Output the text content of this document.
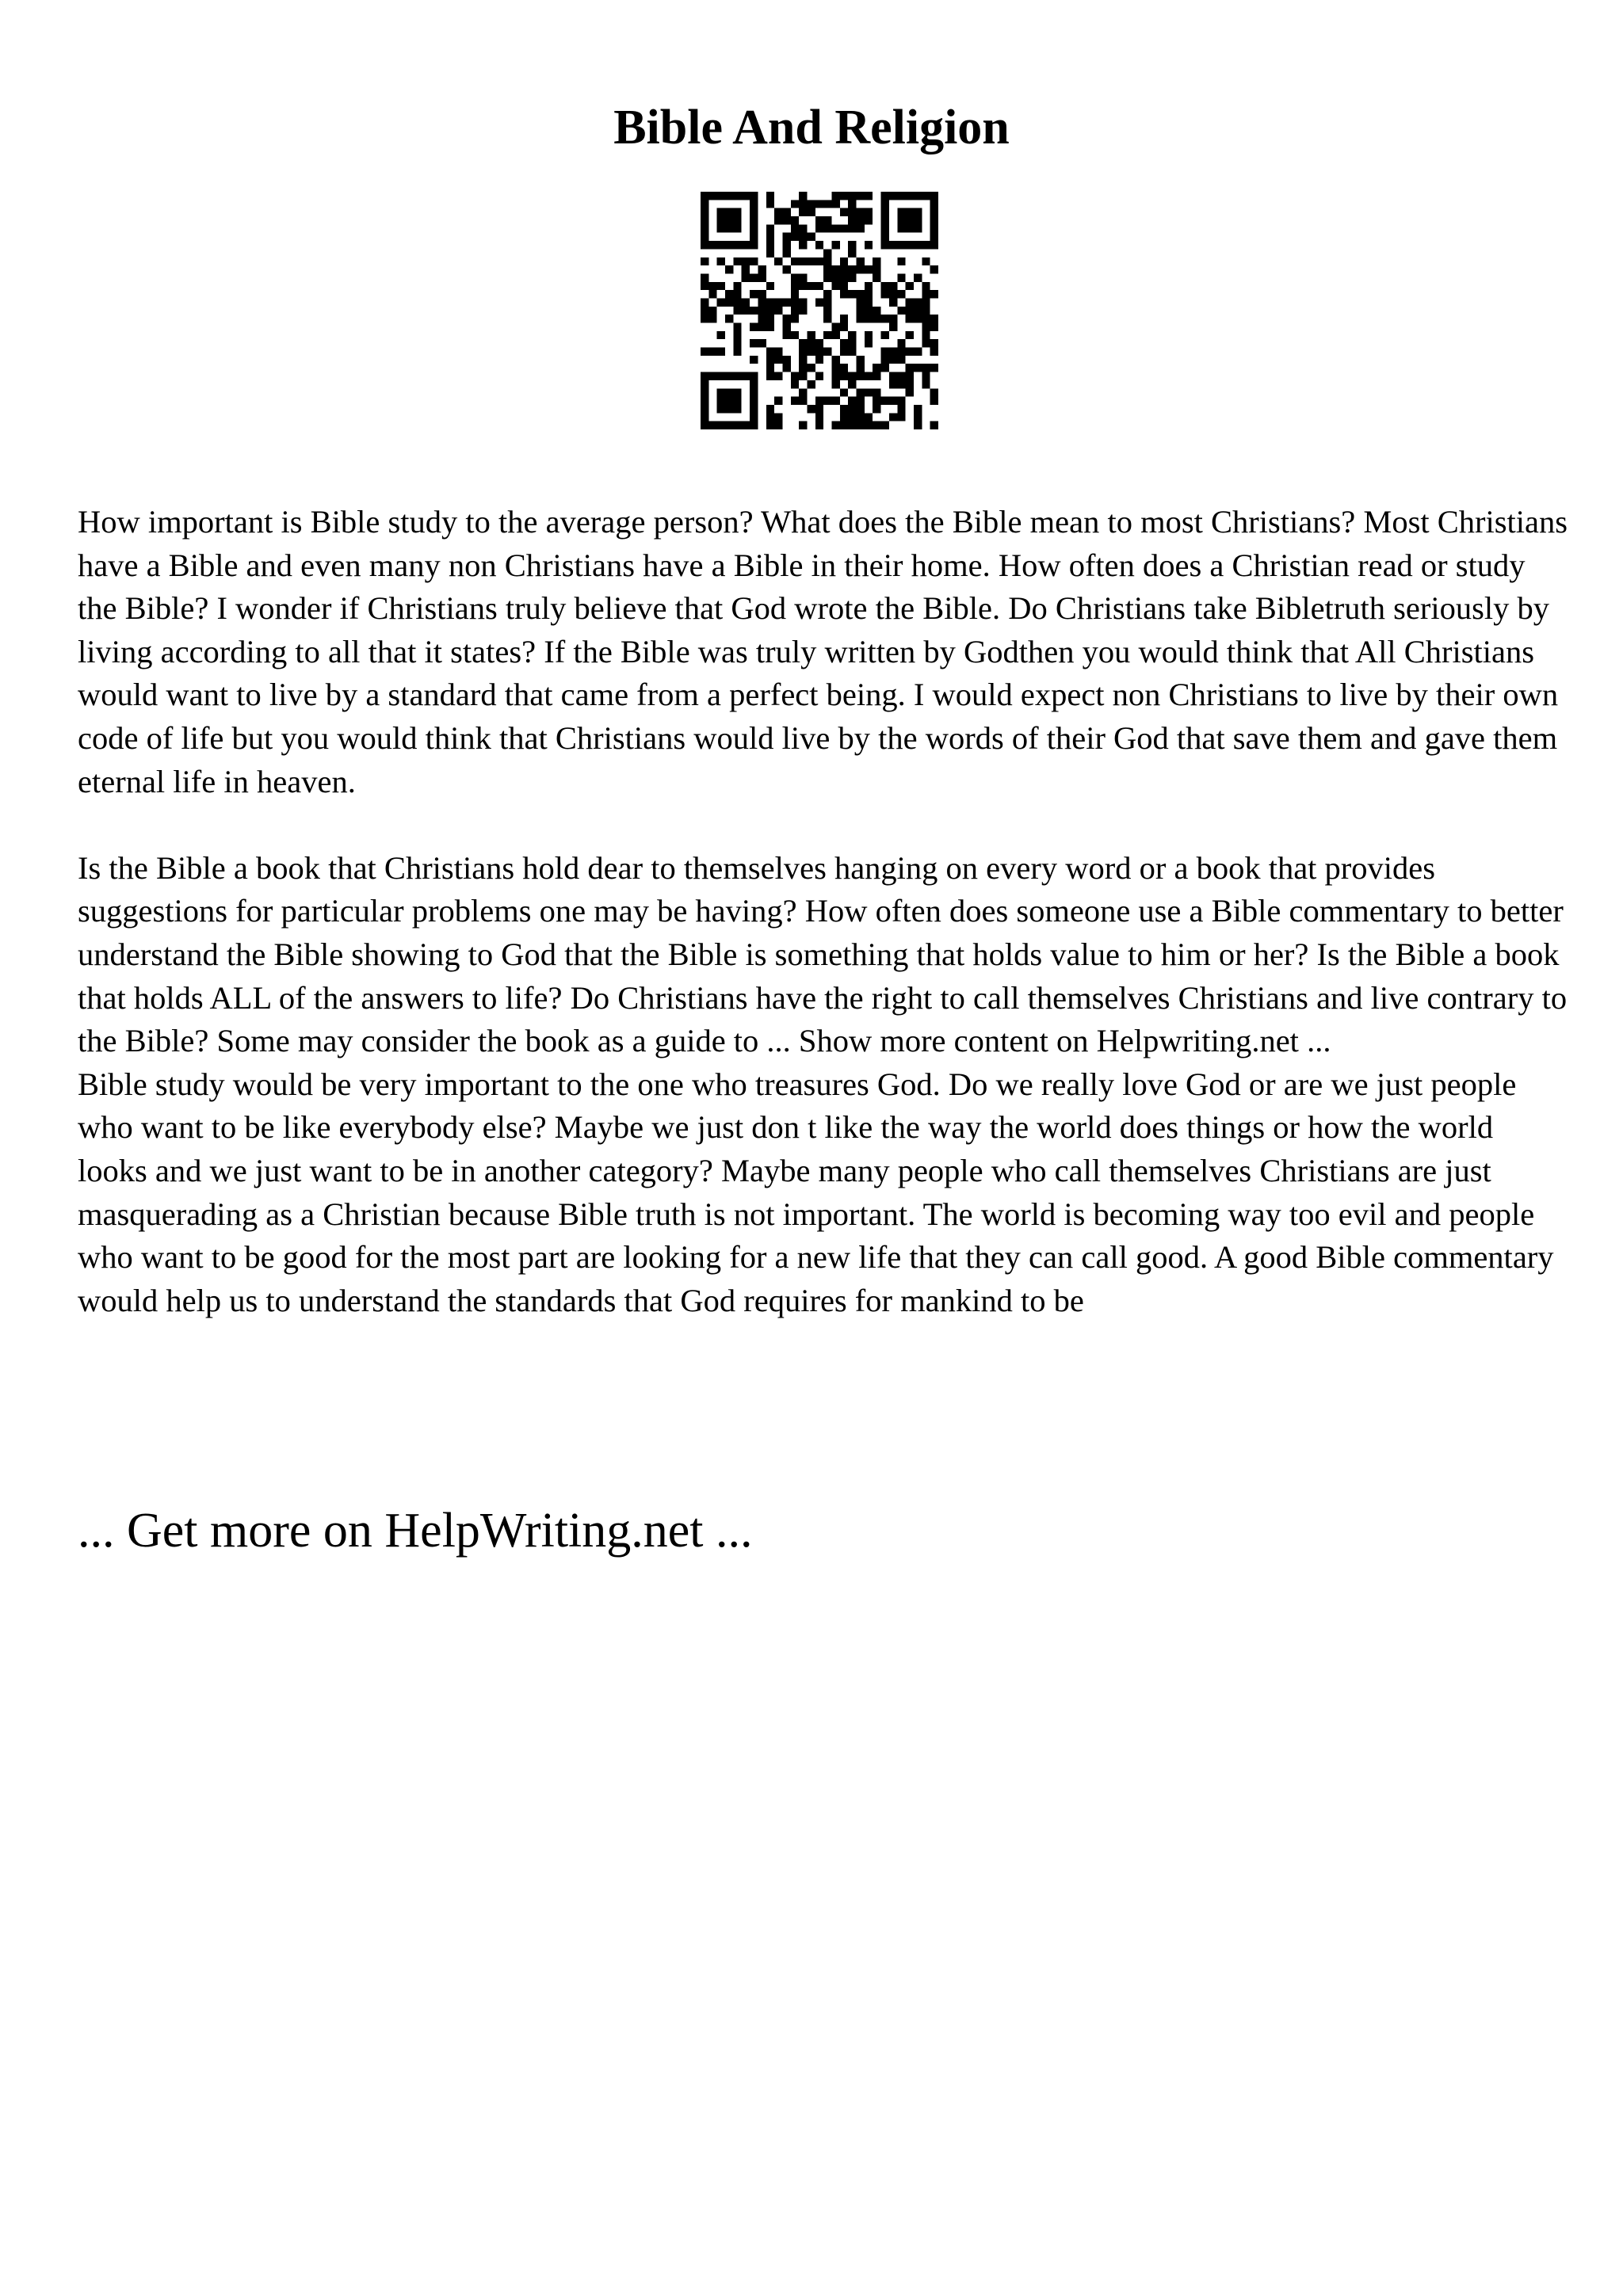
Bible And Religion

How important is Bible study to the average person? What does the Bible mean to most Christians? Most Christians have a Bible and even many non Christians have a Bible in their home. How often does a Christian read or study the Bible? I wonder if Christians truly believe that God wrote the Bible. Do Christians take Bibletruth seriously by living according to all that it states? If the Bible was truly written by Godthen you would think that All Christians would want to live by a standard that came from a perfect being. I would expect non Christians to live by their own code of life but you would think that Christians would live by the words of their God that save them and gave them eternal life in heaven.

Is the Bible a book that Christians hold dear to themselves hanging on every word or a book that provides suggestions for particular problems one may be having? How often does someone use a Bible commentary to better understand the Bible showing to God that the Bible is something that holds value to him or her? Is the Bible a book that holds ALL of the answers to life? Do Christians have the right to call themselves Christians and live contrary to the Bible? Some may consider the book as a guide to ... Show more content on Helpwriting.net ...

Bible study would be very important to the one who treasures God. Do we really love God or are we just people who want to be like everybody else? Maybe we just don t like the way the world does things or how the world looks and we just want to be in another category? Maybe many people who call themselves Christians are just masquerading as a Christian because Bible truth is not important. The world is becoming way too evil and people who want to be good for the most part are looking for a new life that they can call good. A good Bible commentary would help us to understand the standards that God requires for mankind to be

... Get more on HelpWriting.net ...
